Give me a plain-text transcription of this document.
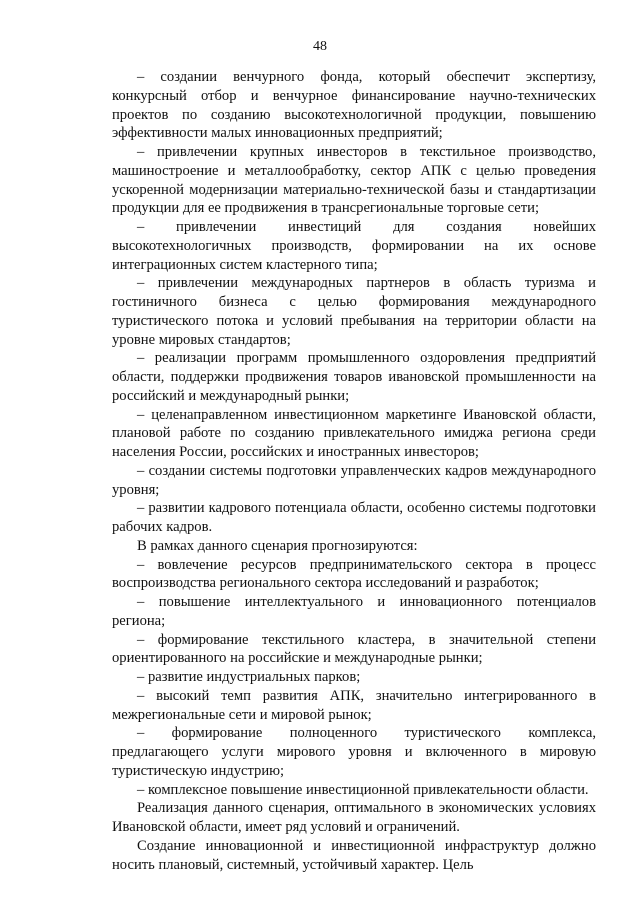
48

– создании венчурного фонда, который обеспечит экспертизу, конкурсный отбор и венчурное финансирование научно-технических проектов по созданию высокотехнологичной продукции, повышению эффективности малых инновационных предприятий;

– привлечении крупных инвесторов в текстильное производство, машиностроение и металлообработку, сектор АПК с целью проведения ускоренной модернизации материально-технической базы и стандартизации продукции для ее продвижения в трансрегиональные торговые сети;

– привлечении инвестиций для создания новейших высокотехнологичных производств, формировании на их основе интеграционных систем кластерного типа;

– привлечении международных партнеров в область туризма и гостиничного бизнеса с целью формирования международного туристического потока и условий пребывания на территории области на уровне мировых стандартов;

– реализации программ промышленного оздоровления предприятий области, поддержки продвижения товаров ивановской промышленности на российский и международный рынки;

– целенаправленном инвестиционном маркетинге Ивановской области, плановой работе по созданию привлекательного имиджа региона среди населения России, российских и иностранных инвесторов;

– создании системы подготовки управленческих кадров международного уровня;

– развитии кадрового потенциала области, особенно системы подготовки рабочих кадров.

В рамках данного сценария прогнозируются:

– вовлечение ресурсов предпринимательского сектора в процесс воспроизводства регионального сектора исследований и разработок;

– повышение интеллектуального и инновационного потенциалов региона;

– формирование текстильного кластера, в значительной степени ориентированного на российские и международные рынки;

– развитие индустриальных парков;

– высокий темп развития АПК, значительно интегрированного в межрегиональные сети и мировой рынок;

– формирование полноценного туристического комплекса, предлагающего услуги мирового уровня и включенного в мировую туристическую индустрию;

– комплексное повышение инвестиционной привлекательности области.

Реализация данного сценария, оптимального в экономических условиях Ивановской области, имеет ряд условий и ограничений.

Создание инновационной и инвестиционной инфраструктур должно носить плановый, системный, устойчивый характер. Цель
